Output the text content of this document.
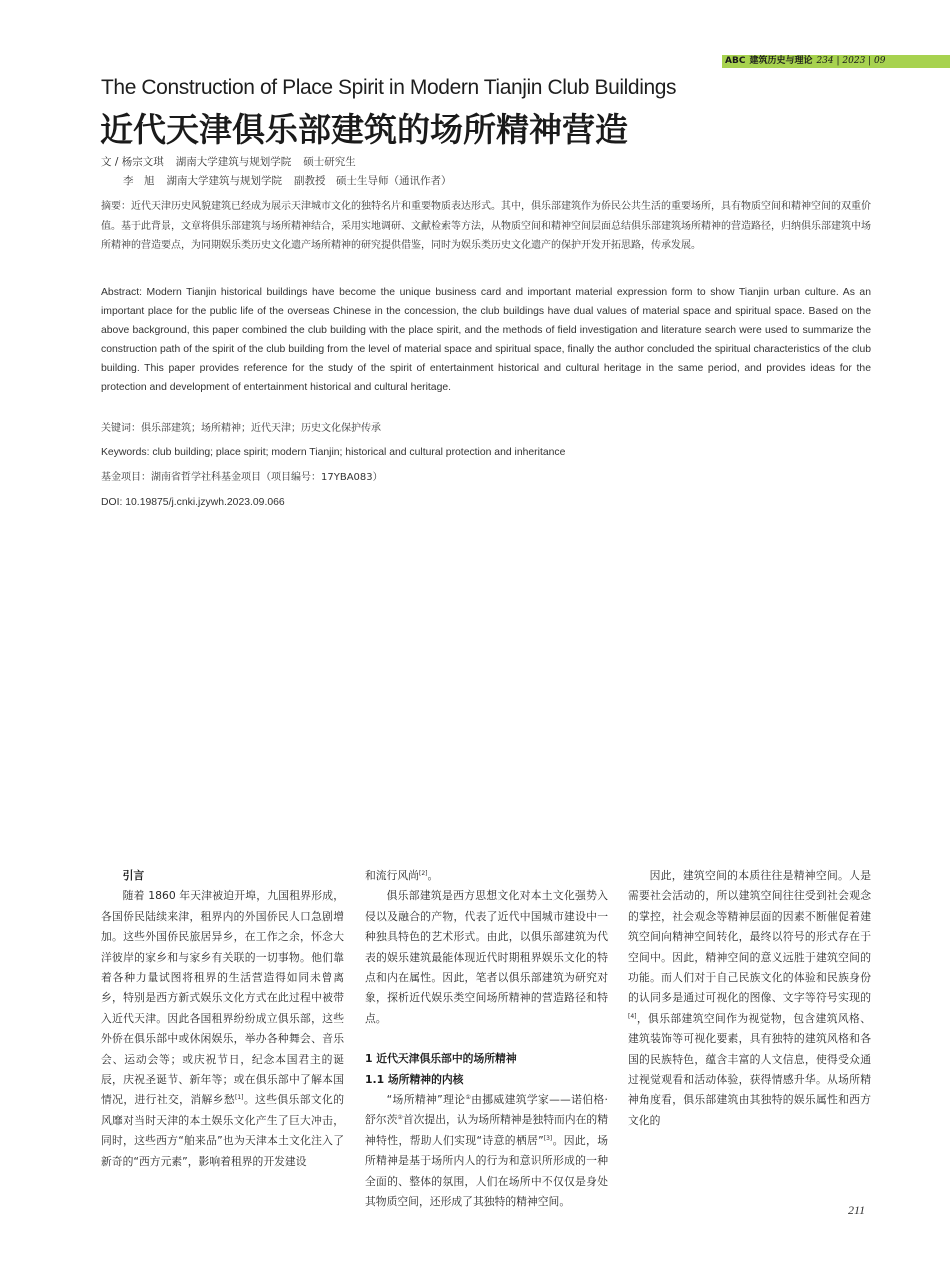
ABC 建筑历史与理论 234 | 2023 | 09
The Construction of Place Spirit in Modern Tianjin Club Buildings
近代天津俱乐部建筑的场所精神营造
文 / 杨宗文琪 湖南大学建筑与规划学院 硕士研究生
李　旭 湖南大学建筑与规划学院 副教授　硕士生导师（通讯作者）
摘要：近代天津历史风貌建筑已经成为展示天津城市文化的独特名片和重要物质表达形式。其中，俱乐部建筑作为侨民公共生活的重要场所，具有物质空间和精神空间的双重价值。基于此背景，文章将俱乐部建筑与场所精神结合，采用实地调研、文献检索等方法，从物质空间和精神空间层面总结俱乐部建筑场所精神的营造路径，归纳俱乐部建筑中场所精神的营造要点，为同期娱乐类历史文化遗产场所精神的研究提供借鉴，同时为娱乐类历史文化遗产的保护开发开拓思路，传承发展。
Abstract: Modern Tianjin historical buildings have become the unique business card and important material expression form to show Tianjin urban culture. As an important place for the public life of the overseas Chinese in the concession, the club buildings have dual values of material space and spiritual space. Based on the above background, this paper combined the club building with the place spirit, and the methods of field investigation and literature search were used to summarize the construction path of the spirit of the club building from the level of material space and spiritual space, finally the author concluded the spiritual characteristics of the club building. This paper provides reference for the study of the spirit of entertainment historical and cultural heritage in the same period, and provides ideas for the protection and development of entertainment historical and cultural heritage.
关键词：俱乐部建筑；场所精神；近代天津；历史文化保护传承
Keywords: club building; place spirit; modern Tianjin; historical and cultural protection and inheritance
基金项目：湖南省哲学社科基金项目（项目编号：17YBA083）
DOI: 10.19875/j.cnki.jzywh.2023.09.066
引言

随着 1860 年天津被迫开埠，九国租界形成，各国侨民陆续来津，租界内的外国侨民人口急剧增加。这些外国侨民旅居异乡，在工作之余，怀念大洋彼岸的家乡和与家乡有关联的一切事物。他们靠着各种力量试图将租界的生活营造得如同未曾离乡，特别是西方新式娱乐文化方式在此过程中被带入近代天津。因此各国租界纷纷成立俱乐部，这些外侨在俱乐部中或休闲娱乐，举办各种舞会、音乐会、运动会等；或庆祝节日，纪念本国君主的诞辰，庆祝圣诞节、新年等；或在俱乐部中了解本国情况，进行社交，消解乡愁[1]。这些俱乐部文化的风靡对当时天津的本土娱乐文化产生了巨大冲击，同时，这些西方“舶来品”也为天津本土文化注入了新奇的“西方元素”，影响着租界的开发建设

和流行风尚[2]。

俱乐部建筑是西方思想文化对本土文化强势入侵以及融合的产物，代表了近代中国城市建设中一种独具特色的艺术形式。由此，以俱乐部建筑为代表的娱乐建筑最能体现近代时期租界娱乐文化的特点和内在属性。因此，笔者以俱乐部建筑为研究对象，探析近代娱乐类空间场所精神的营造路径和特点。

1 近代天津俱乐部中的场所精神
1.1 场所精神的内核

“场所精神”理论①由挪威建筑学家——诺伯格·舒尔茨②首次提出，认为场所精神是独特而内在的精神特性，帮助人们实现“诗意的栖居”[3]。因此，场所精神是基于场所内人的行为和意识所形成的一种全面的、整体的氛围，人们在场所中不仅仅是身处其物质空间，还形成了其独特的精神空间。

因此，建筑空间的本质往往是精神空间。人是需要社会活动的，所以建筑空间往往受到社会观念的掌控，社会观念等精神层面的因素不断催促着建筑空间向精神空间转化，最终以符号的形式存在于空间中。因此，精神空间的意义远胜于建筑空间的功能。而人们对于自己民族文化的体验和民族身份的认同多是通过可视化的图像、文字等符号实现的[4]，俱乐部建筑空间作为视觉物，包含建筑风格、建筑装饰等可视化要素，具有独特的建筑风格和各国的民族特色，蕴含丰富的人文信息，使得受众通过视觉观看和活动体验，获得情感升华。从场所精神角度看，俱乐部建筑由其独特的娱乐属性和西方文化的

211
